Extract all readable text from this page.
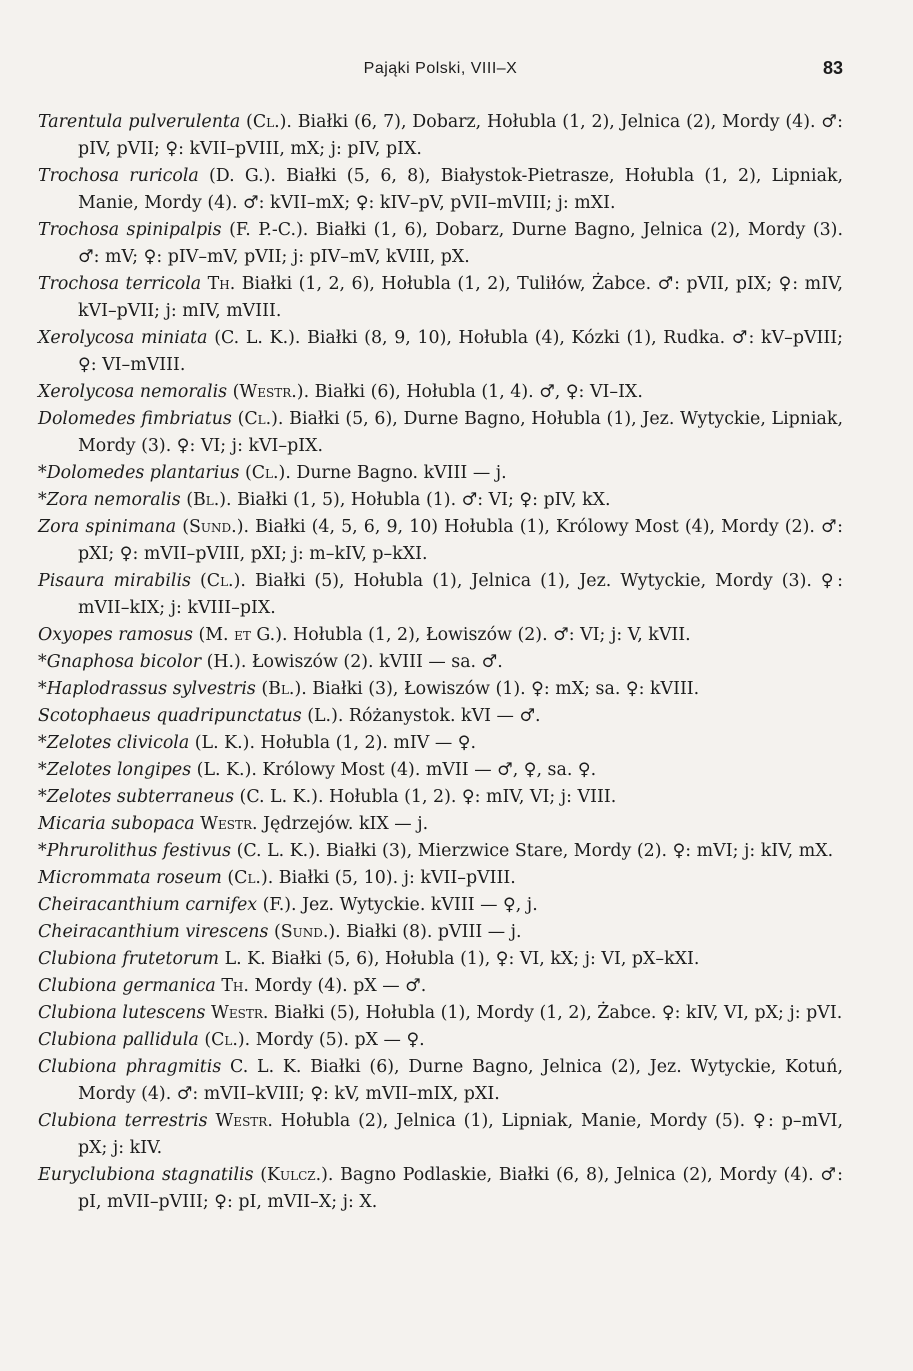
Pająki Polski, VIII–X	83

Tarentula pulverulenta (Cl.). Białki (6, 7), Dobarz, Hołubla (1, 2), Jelnica (2), Mordy (4). ♂: pIV, pVII; ♀: kVII–pVIII, mX; j: pIV, pIX.

Trochosa ruricola (D. G.). Białki (5, 6, 8), Białystok-Pietrasze, Hołubla (1, 2), Lipniak, Manie, Mordy (4). ♂: kVII–mX; ♀: kIV–pV, pVII–mVIII; j: mXI.

Trochosa spinipalpis (F. P.-C.). Białki (1, 6), Dobarz, Durne Bagno, Jelnica (2), Mordy (3). ♂: mV; ♀: pIV–mV, pVII; j: pIV–mV, kVIII, pX.

Trochosa terricola Th. Białki (1, 2, 6), Hołubla (1, 2), Tuliłów, Żabce. ♂: pVII, pIX; ♀: mIV, kVI–pVII; j: mIV, mVIII.

Xerolycosa miniata (C. L. K.). Białki (8, 9, 10), Hołubla (4), Kózki (1), Rudka. ♂: kV–pVIII; ♀: VI–mVIII.

Xerolycosa nemoralis (Westr.). Białki (6), Hołubla (1, 4). ♂, ♀: VI–IX.

Dolomedes fimbriatus (Cl.). Białki (5, 6), Durne Bagno, Hołubla (1), Jez. Wytyckie, Lipniak, Mordy (3). ♀: VI; j: kVI–pIX.

*Dolomedes plantarius (Cl.). Durne Bagno. kVIII — j.

*Zora nemoralis (Bl.). Białki (1, 5), Hołubla (1). ♂: VI; ♀: pIV, kX.

Zora spinimana (Sund.). Białki (4, 5, 6, 9, 10) Hołubla (1), Królowy Most (4), Mordy (2). ♂: pXI; ♀: mVII–pVIII, pXI; j: m–kIV, p–kXI.

Pisaura mirabilis (Cl.). Białki (5), Hołubla (1), Jelnica (1), Jez. Wytyckie, Mordy (3). ♀: mVII–kIX; j: kVIII–pIX.

Oxyopes ramosus (M. et G.). Hołubla (1, 2), Łowiszów (2). ♂: VI; j: V, kVII.

*Gnaphosa bicolor (H.). Łowiszów (2). kVIII — sa. ♂.

*Haplodrassus sylvestris (Bl.). Białki (3), Łowiszów (1). ♀: mX; sa. ♀: kVIII.

Scotophaeus quadripunctatus (L.). Różanystok. kVI — ♂.

*Zelotes clivicola (L. K.). Hołubla (1, 2). mIV — ♀.

*Zelotes longipes (L. K.). Królowy Most (4). mVII — ♂, ♀, sa. ♀.

*Zelotes subterraneus (C. L. K.). Hołubla (1, 2). ♀: mIV, VI; j: VIII.

Micaria subopaca Westr. Jędrzejów. kIX — j.

*Phrurolithus festivus (C. L. K.). Białki (3), Mierzwice Stare, Mordy (2). ♀: mVI; j: kIV, mX.

Micrommata roseum (Cl.). Białki (5, 10). j: kVII–pVIII.

Cheiracanthium carnifex (F.). Jez. Wytyckie. kVIII — ♀, j.

Cheiracanthium virescens (Sund.). Białki (8). pVIII — j.

Clubiona frutetorum L. K. Białki (5, 6), Hołubla (1), ♀: VI, kX; j: VI, pX–kXI.

Clubiona germanica Th. Mordy (4). pX — ♂.

Clubiona lutescens Westr. Białki (5), Hołubla (1), Mordy (1, 2), Żabce. ♀: kIV, VI, pX; j: pVI.

Clubiona pallidula (Cl.). Mordy (5). pX — ♀.

Clubiona phragmitis C. L. K. Białki (6), Durne Bagno, Jelnica (2), Jez. Wytyckie, Kotuń, Mordy (4). ♂: mVII–kVIII; ♀: kV, mVII–mIX, pXI.

Clubiona terrestris Westr. Hołubla (2), Jelnica (1), Lipniak, Manie, Mordy (5). ♀: p–mVI, pX; j: kIV.

Euryclubiona stagnatilis (Kulcz.). Bagno Podlaskie, Białki (6, 8), Jelnica (2), Mordy (4). ♂: pI, mVII–pVIII; ♀: pI, mVII–X; j: X.
